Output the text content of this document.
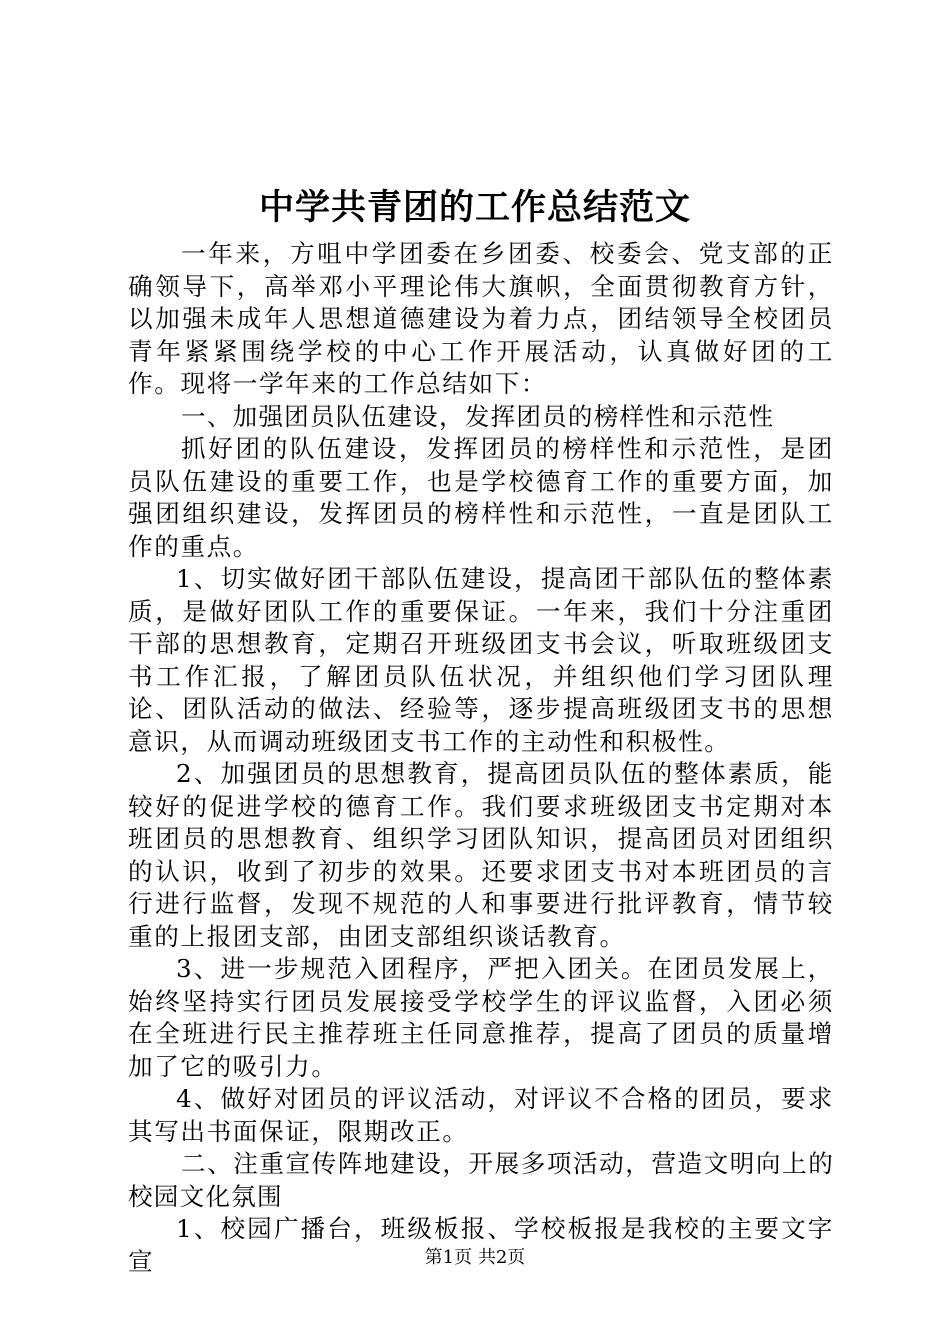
中学共青团的工作总结范文

一年来，方咀中学团委在乡团委、校委会、党支部的正确领导下，高举邓小平理论伟大旗帜，全面贯彻教育方针，以加强未成年人思想道德建设为着力点，团结领导全校团员青年紧紧围绕学校的中心工作开展活动，认真做好团的工作。现将一学年来的工作总结如下：

一、加强团员队伍建设，发挥团员的榜样性和示范性

抓好团的队伍建设，发挥团员的榜样性和示范性，是团员队伍建设的重要工作，也是学校德育工作的重要方面，加强团组织建设，发挥团员的榜样性和示范性，一直是团队工作的重点。

1、切实做好团干部队伍建设，提高团干部队伍的整体素质，是做好团队工作的重要保证。一年来，我们十分注重团干部的思想教育，定期召开班级团支书会议，听取班级团支书工作汇报，了解团员队伍状况，并组织他们学习团队理论、团队活动的做法、经验等，逐步提高班级团支书的思想意识，从而调动班级团支书工作的主动性和积极性。

2、加强团员的思想教育，提高团员队伍的整体素质，能较好的促进学校的德育工作。我们要求班级团支书定期对本班团员的思想教育、组织学习团队知识，提高团员对团组织的认识，收到了初步的效果。还要求团支书对本班团员的言行进行监督，发现不规范的人和事要进行批评教育，情节较重的上报团支部，由团支部组织谈话教育。

3、进一步规范入团程序，严把入团关。在团员发展上，始终坚持实行团员发展接受学校学生的评议监督，入团必须在全班进行民主推荐班主任同意推荐，提高了团员的质量增加了它的吸引力。

4、做好对团员的评议活动，对评议不合格的团员，要求其写出书面保证，限期改正。

二、注重宣传阵地建设，开展多项活动，营造文明向上的校园文化氛围

1、校园广播台，班级板报、学校板报是我校的主要文字宣	第1页 共2页
